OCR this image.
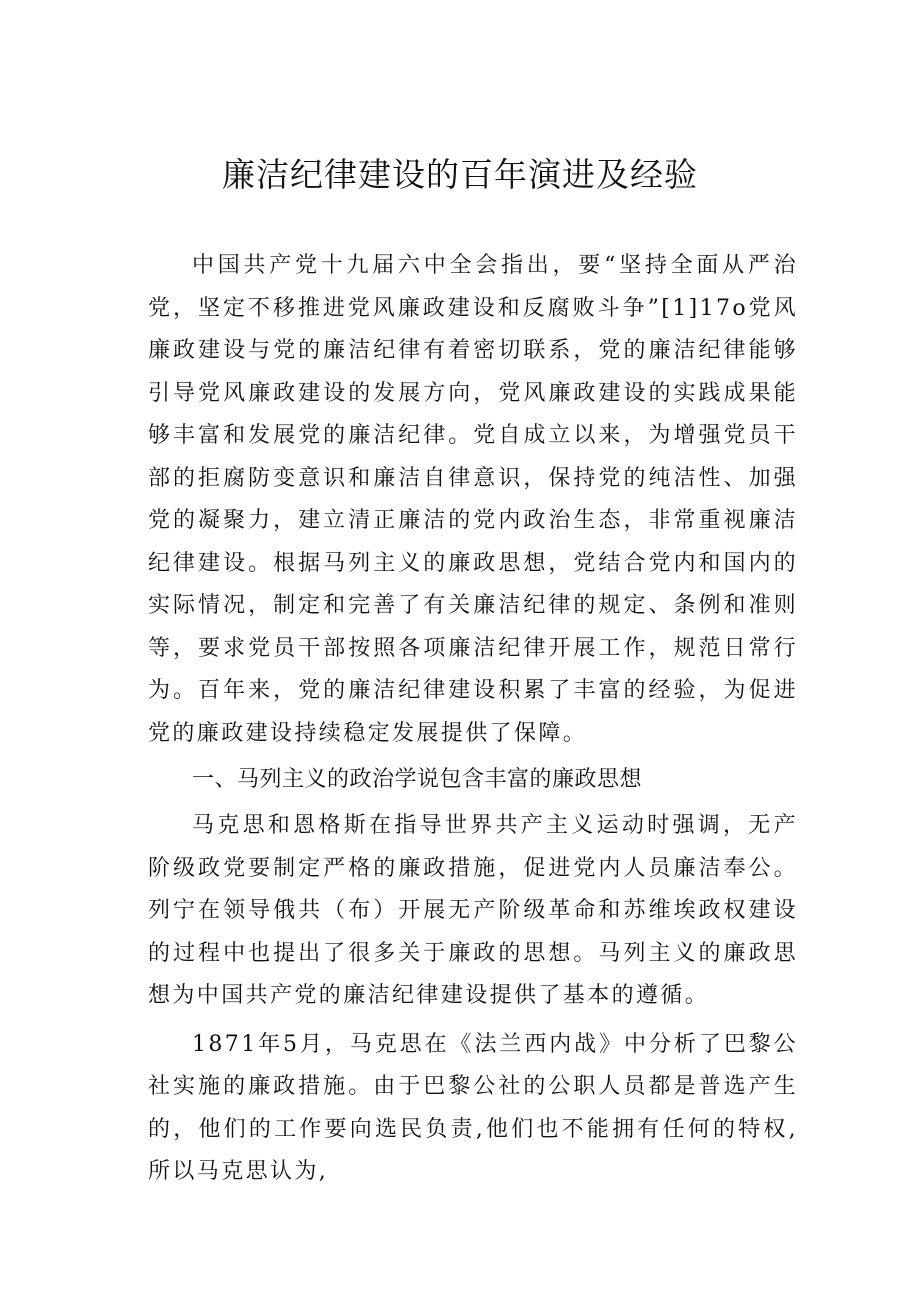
廉洁纪律建设的百年演进及经验

中国共产党十九届六中全会指出，要“坚持全面从严治党，坚定不移推进党风廉政建设和反腐败斗争”[1]17o党风廉政建设与党的廉洁纪律有着密切联系，党的廉洁纪律能够引导党风廉政建设的发展方向，党风廉政建设的实践成果能够丰富和发展党的廉洁纪律。党自成立以来，为增强党员干部的拒腐防变意识和廉洁自律意识，保持党的纯洁性、加强党的凝聚力，建立清正廉洁的党内政治生态，非常重视廉洁纪律建设。根据马列主义的廉政思想，党结合党内和国内的实际情况，制定和完善了有关廉洁纪律的规定、条例和准则等，要求党员干部按照各项廉洁纪律开展工作，规范日常行为。百年来，党的廉洁纪律建设积累了丰富的经验，为促进党的廉政建设持续稳定发展提供了保障。

一、马列主义的政治学说包含丰富的廉政思想

马克思和恩格斯在指导世界共产主义运动时强调，无产阶级政党要制定严格的廉政措施，促进党内人员廉洁奉公。列宁在领导俄共（布）开展无产阶级革命和苏维埃政权建设的过程中也提出了很多关于廉政的思想。马列主义的廉政思想为中国共产党的廉洁纪律建设提供了基本的遵循。

1871年5月，马克思在《法兰西内战》中分析了巴黎公社实施的廉政措施。由于巴黎公社的公职人员都是普选产生的，他们的工作要向选民负责,他们也不能拥有任何的特权,所以马克思认为,
